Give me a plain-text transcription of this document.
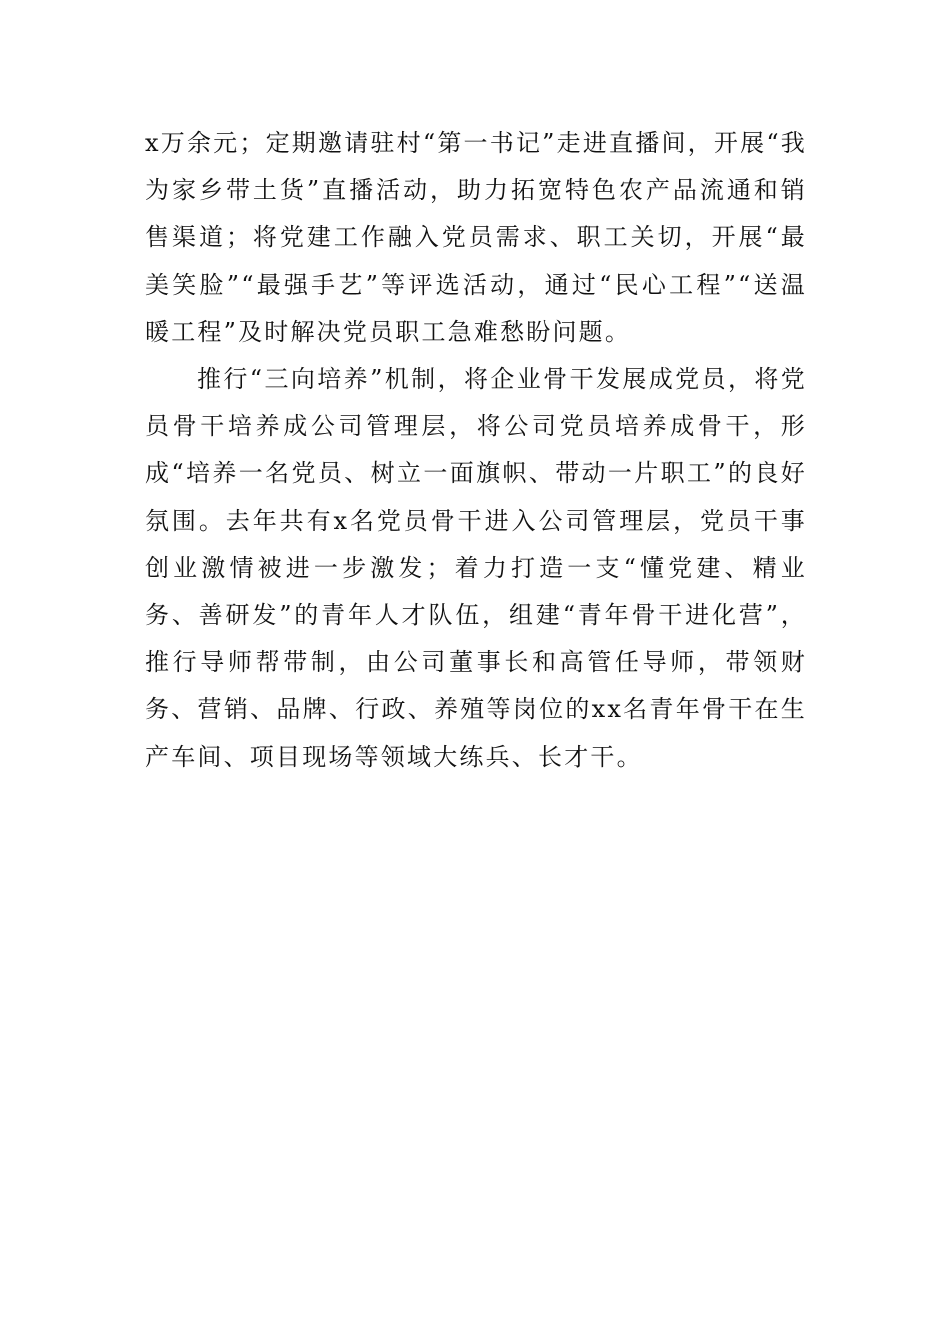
x万余元；定期邀请驻村“第一书记”走进直播间，开展“我为家乡带土货”直播活动，助力拓宽特色农产品流通和销售渠道；将党建工作融入党员需求、职工关切，开展“最美笑脸”“最强手艺”等评选活动，通过“民心工程”“送温暖工程”及时解决党员职工急难愁盼问题。

推行“三向培养”机制，将企业骨干发展成党员，将党员骨干培养成公司管理层，将公司党员培养成骨干，形成“培养一名党员、树立一面旗帜、带动一片职工”的良好氛围。去年共有x名党员骨干进入公司管理层，党员干事创业激情被进一步激发；着力打造一支“懂党建、精业务、善研发”的青年人才队伍，组建“青年骨干进化营”，推行导师帮带制，由公司董事长和高管任导师，带领财务、营销、品牌、行政、养殖等岗位的xx名青年骨干在生产车间、项目现场等领域大练兵、长才干。
